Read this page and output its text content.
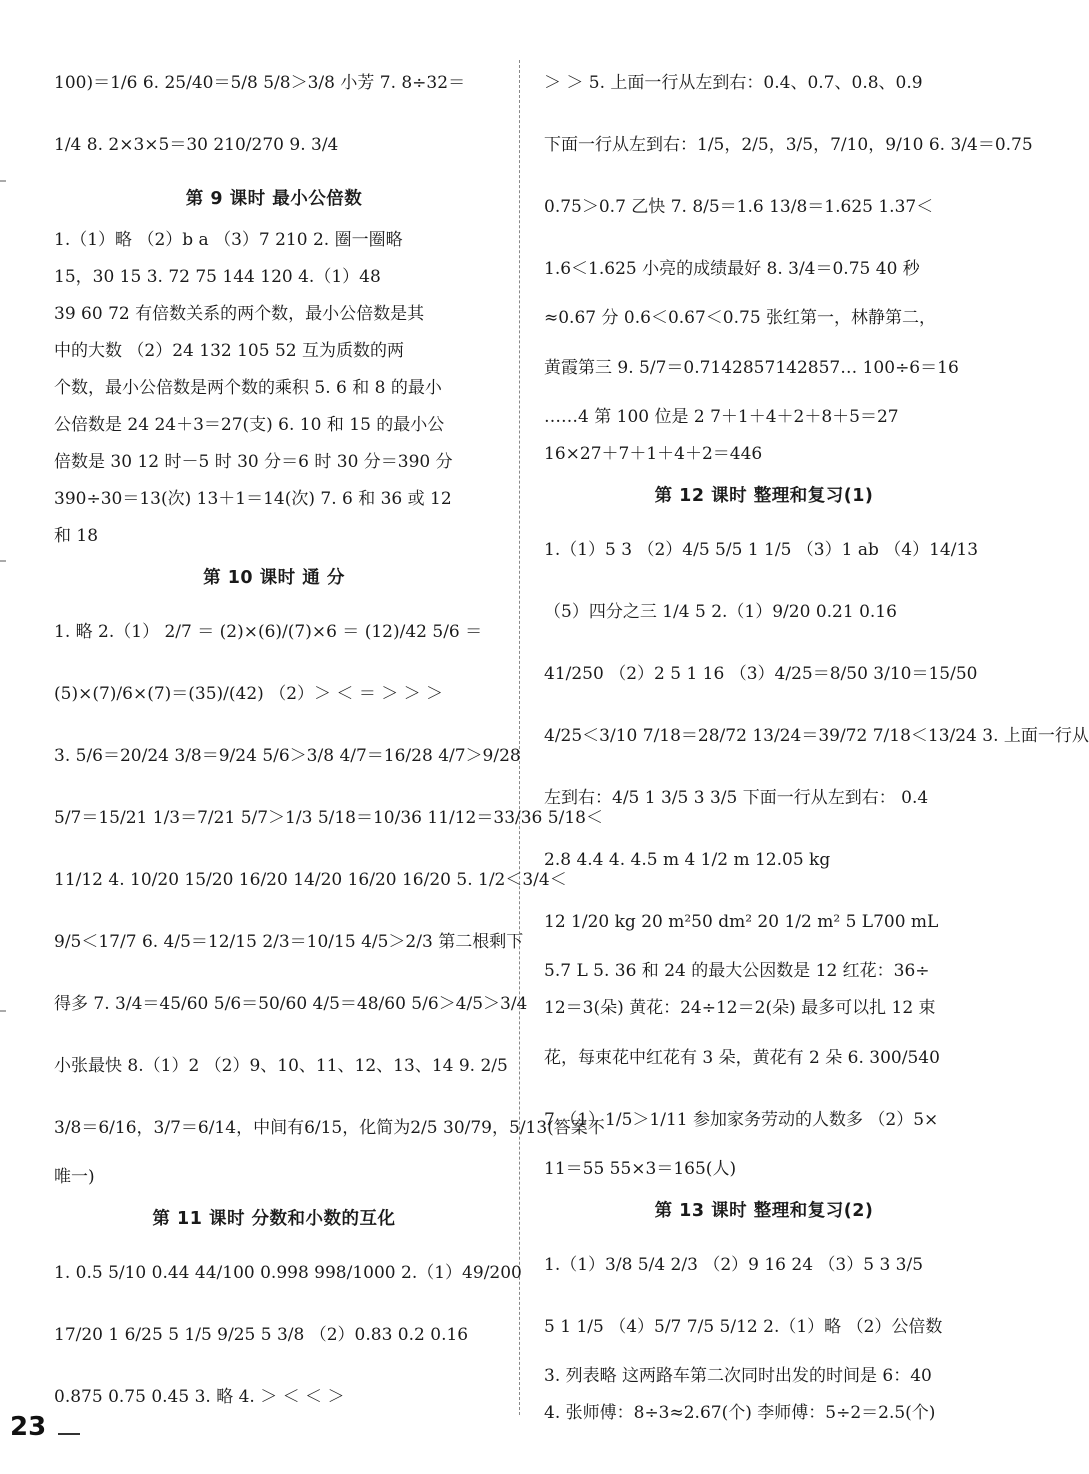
100)＝1/6 6. 25/40＝5/8 5/8＞3/8 小芳 7. 8÷32＝
1/4 8. 2×3×5＝30 210/270 9. 3/4
第 9 课时 最小公倍数
1.（1）略 （2）b a （3）7 210 2. 圈一圈略
15，30 15 3. 72 75 144 120 4.（1）48
39 60 72 有倍数关系的两个数，最小公倍数是其
中的大数 （2）24 132 105 52 互为质数的两
个数，最小公倍数是两个数的乘积 5. 6 和 8 的最小
公倍数是 24 24＋3＝27(支) 6. 10 和 15 的最小公
倍数是 30 12 时－5 时 30 分＝6 时 30 分＝390 分
390÷30＝13(次) 13＋1＝14(次) 7. 6 和 36 或 12
和 18
第 10 课时 通 分
1. 略 2.（1） 2/7 ＝ (2)×(6)/(7)×6 ＝ (12)/42 5/6 ＝
(5)×(7)/6×(7)＝(35)/(42) （2）＞ ＜ ＝ ＞ ＞ ＞
3. 5/6＝20/24 3/8＝9/24 5/6＞3/8 4/7＝16/28 4/7＞9/28
5/7＝15/21 1/3＝7/21 5/7＞1/3 5/18＝10/36 11/12＝33/36 5/18＜
11/12 4. 10/20 15/20 16/20 14/20 16/20 16/20 5. 1/2＜3/4＜
9/5＜17/7 6. 4/5＝12/15 2/3＝10/15 4/5＞2/3 第二根剩下
得多 7. 3/4＝45/60 5/6＝50/60 4/5＝48/60 5/6＞4/5＞3/4
小张最快 8.（1）2 （2）9、10、11、12、13、14 9. 2/5
3/8＝6/16，3/7＝6/14，中间有6/15，化简为2/5 30/79，5/13(答案不
唯一)
第 11 课时 分数和小数的互化
1. 0.5 5/10 0.44 44/100 0.998 998/1000 2.（1）49/200
17/20 1 6/25 5 1/5 9/25 5 3/8 （2）0.83 0.2 0.16
0.875 0.75 0.45 3. 略 4. ＞ ＜ ＜ ＞
＞ ＞ 5. 上面一行从左到右：0.4、0.7、0.8、0.9
下面一行从左到右：1/5，2/5，3/5，7/10，9/10 6. 3/4＝0.75
0.75＞0.7 乙快 7. 8/5＝1.6 13/8＝1.625 1.37＜
1.6＜1.625 小亮的成绩最好 8. 3/4＝0.75 40 秒
≈0.67 分 0.6＜0.67＜0.75 张红第一，林静第二，
黄霞第三 9. 5/7＝0.7142857142857… 100÷6＝16
……4 第 100 位是 2 7＋1＋4＋2＋8＋5＝27
16×27＋7＋1＋4＋2＝446
第 12 课时 整理和复习(1)
1.（1）5 3 （2）4/5 5/5 1 1/5 （3）1 ab （4）14/13
（5）四分之三 1/4 5 2.（1）9/20 0.21 0.16
41/250 （2）2 5 1 16 （3）4/25＝8/50 3/10＝15/50
4/25＜3/10 7/18＝28/72 13/24＝39/72 7/18＜13/24 3. 上面一行从
左到右：4/5 1 3/5 3 3/5 下面一行从左到右： 0.4
2.8 4.4 4. 4.5 m 4 1/2 m 12.05 kg
12 1/20 kg 20 m²50 dm² 20 1/2 m² 5 L700 mL
5.7 L 5. 36 和 24 的最大公因数是 12 红花：36÷
12＝3(朵) 黄花：24÷12＝2(朵) 最多可以扎 12 束
花，每束花中红花有 3 朵，黄花有 2 朵 6. 300/540
7.（1）1/5＞1/11 参加家务劳动的人数多 （2）5×
11＝55 55×3＝165(人)
第 13 课时 整理和复习(2)
1.（1）3/8 5/4 2/3 （2）9 16 24 （3）5 3 3/5
5 1 1/5 （4）5/7 7/5 5/12 2.（1）略 （2）公倍数
3. 列表略 这两路车第二次同时出发的时间是 6：40
4. 张师傅：8÷3≈2.67(个) 李师傅：5÷2＝2.5(个)
23
